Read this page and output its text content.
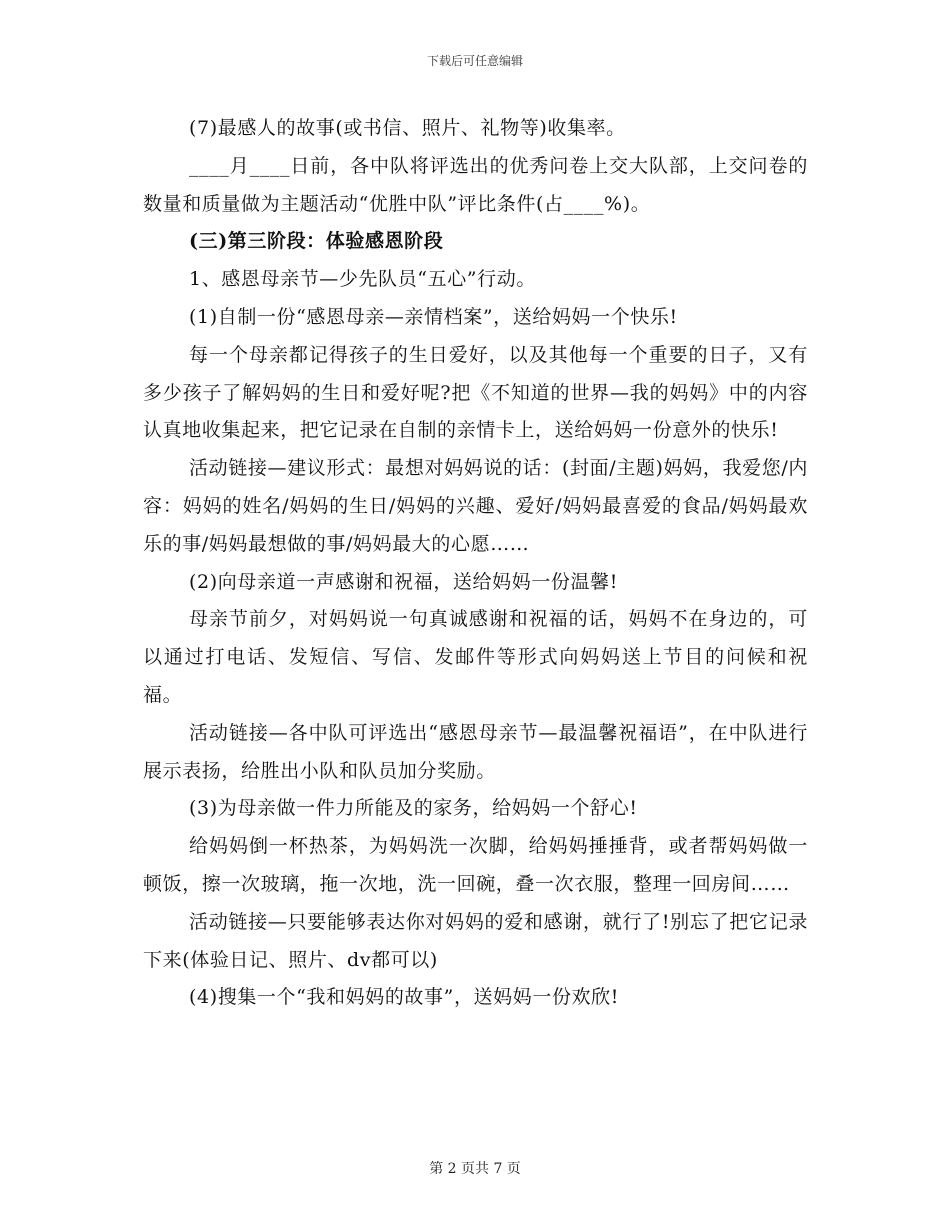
下载后可任意编辑

(7)最感人的故事(或书信、照片、礼物等)收集率。

____月____日前，各中队将评选出的优秀问卷上交大队部，上交问卷的数量和质量做为主题活动“优胜中队”评比条件(占____%)。

(三)第三阶段：体验感恩阶段

1、感恩母亲节—少先队员“五心”行动。

(1)自制一份“感恩母亲—亲情档案”，送给妈妈一个快乐!

每一个母亲都记得孩子的生日爱好，以及其他每一个重要的日子，又有多少孩子了解妈妈的生日和爱好呢?把《不知道的世界—我的妈妈》中的内容认真地收集起来，把它记录在自制的亲情卡上，送给妈妈一份意外的快乐!

活动链接—建议形式：最想对妈妈说的话：(封面/主题)妈妈，我爱您/内容：妈妈的姓名/妈妈的生日/妈妈的兴趣、爱好/妈妈最喜爱的食品/妈妈最欢乐的事/妈妈最想做的事/妈妈最大的心愿……

(2)向母亲道一声感谢和祝福，送给妈妈一份温馨!

母亲节前夕，对妈妈说一句真诚感谢和祝福的话，妈妈不在身边的，可以通过打电话、发短信、写信、发邮件等形式向妈妈送上节目的问候和祝福。

活动链接—各中队可评选出“感恩母亲节—最温馨祝福语”，在中队进行展示表扬，给胜出小队和队员加分奖励。

(3)为母亲做一件力所能及的家务，给妈妈一个舒心!

给妈妈倒一杯热茶，为妈妈洗一次脚，给妈妈捶捶背，或者帮妈妈做一顿饭，擦一次玻璃，拖一次地，洗一回碗，叠一次衣服，整理一回房间……

活动链接—只要能够表达你对妈妈的爱和感谢，就行了!别忘了把它记录下来(体验日记、照片、dv都可以)

(4)搜集一个“我和妈妈的故事”，送妈妈一份欢欣!

第 2 页共 7 页
